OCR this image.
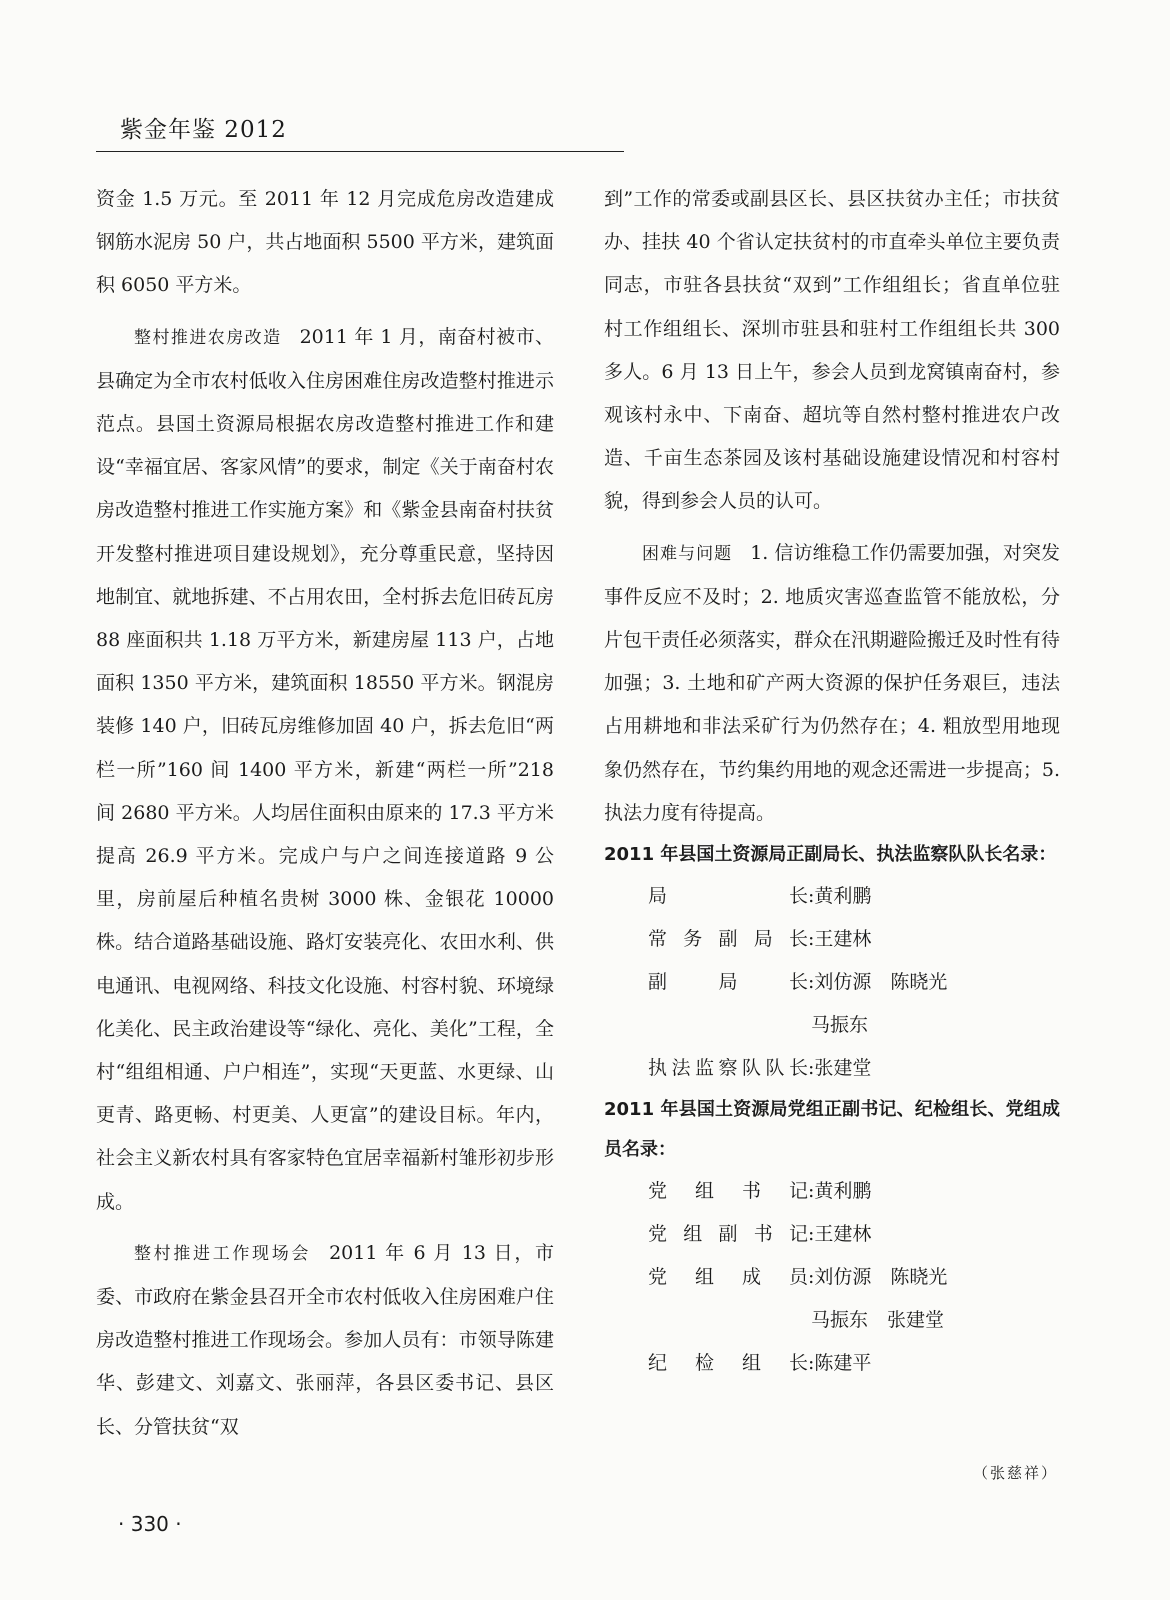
紫金年鉴 2012

资金 1.5 万元。至 2011 年 12 月完成危房改造建成钢筋水泥房 50 户，共占地面积 5500 平方米，建筑面积 6050 平方米。

整村推进农房改造 2011 年 1 月，南奋村被市、县确定为全市农村低收入住房困难住房改造整村推进示范点。县国土资源局根据农房改造整村推进工作和建设“幸福宜居、客家风情”的要求，制定《关于南奋村农房改造整村推进工作实施方案》和《紫金县南奋村扶贫开发整村推进项目建设规划》，充分尊重民意，坚持因地制宜、就地拆建、不占用农田，全村拆去危旧砖瓦房 88 座面积共 1.18 万平方米，新建房屋 113 户，占地面积 1350 平方米，建筑面积 18550 平方米。钢混房装修 140 户，旧砖瓦房维修加固 40 户，拆去危旧“两栏一所”160 间 1400 平方米，新建“两栏一所”218 间 2680 平方米。人均居住面积由原来的 17.3 平方米提高 26.9 平方米。完成户与户之间连接道路 9 公里，房前屋后种植名贵树 3000 株、金银花 10000 株。结合道路基础设施、路灯安装亮化、农田水利、供电通讯、电视网络、科技文化设施、村容村貌、环境绿化美化、民主政治建设等“绿化、亮化、美化”工程，全村“组组相通、户户相连”，实现“天更蓝、水更绿、山更青、路更畅、村更美、人更富”的建设目标。年内，社会主义新农村具有客家特色宜居幸福新村雏形初步形成。

整村推进工作现场会 2011 年 6 月 13 日，市委、市政府在紫金县召开全市农村低收入住房困难户住房改造整村推进工作现场会。参加人员有：市领导陈建华、彭建文、刘嘉文、张丽萍，各县区委书记、县区长、分管扶贫“双

到”工作的常委或副县区长、县区扶贫办主任；市扶贫办、挂扶 40 个省认定扶贫村的市直牵头单位主要负责同志，市驻各县扶贫“双到”工作组组长；省直单位驻村工作组组长、深圳市驻县和驻村工作组组长共 300 多人。6 月 13 日上午，参会人员到龙窝镇南奋村，参观该村永中、下南奋、超坑等自然村整村推进农户改造、千亩生态茶园及该村基础设施建设情况和村容村貌，得到参会人员的认可。

困难与问题 1. 信访维稳工作仍需要加强，对突发事件反应不及时；2. 地质灾害巡查监管不能放松，分片包干责任必须落实，群众在汛期避险搬迁及时性有待加强；3. 土地和矿产两大资源的保护任务艰巨，违法占用耕地和非法采矿行为仍然存在；4. 粗放型用地现象仍然存在，节约集约用地的观念还需进一步提高；5. 执法力度有待提高。

2011 年县国土资源局正副局长、执法监察队队长名录：

局长 : 黄利鹏
常务副局长 : 王建林
副局长 : 刘仿源　陈晓光
马振东
执法监察队队长 : 张建堂

2011 年县国土资源局党组正副书记、纪检组长、党组成员名录：

党组书记 : 黄利鹏
党组副书记 : 王建林
党组成员 : 刘仿源　陈晓光
马振东　张建堂
纪检组长 : 陈建平
（张慈祥）
· 330 ·
